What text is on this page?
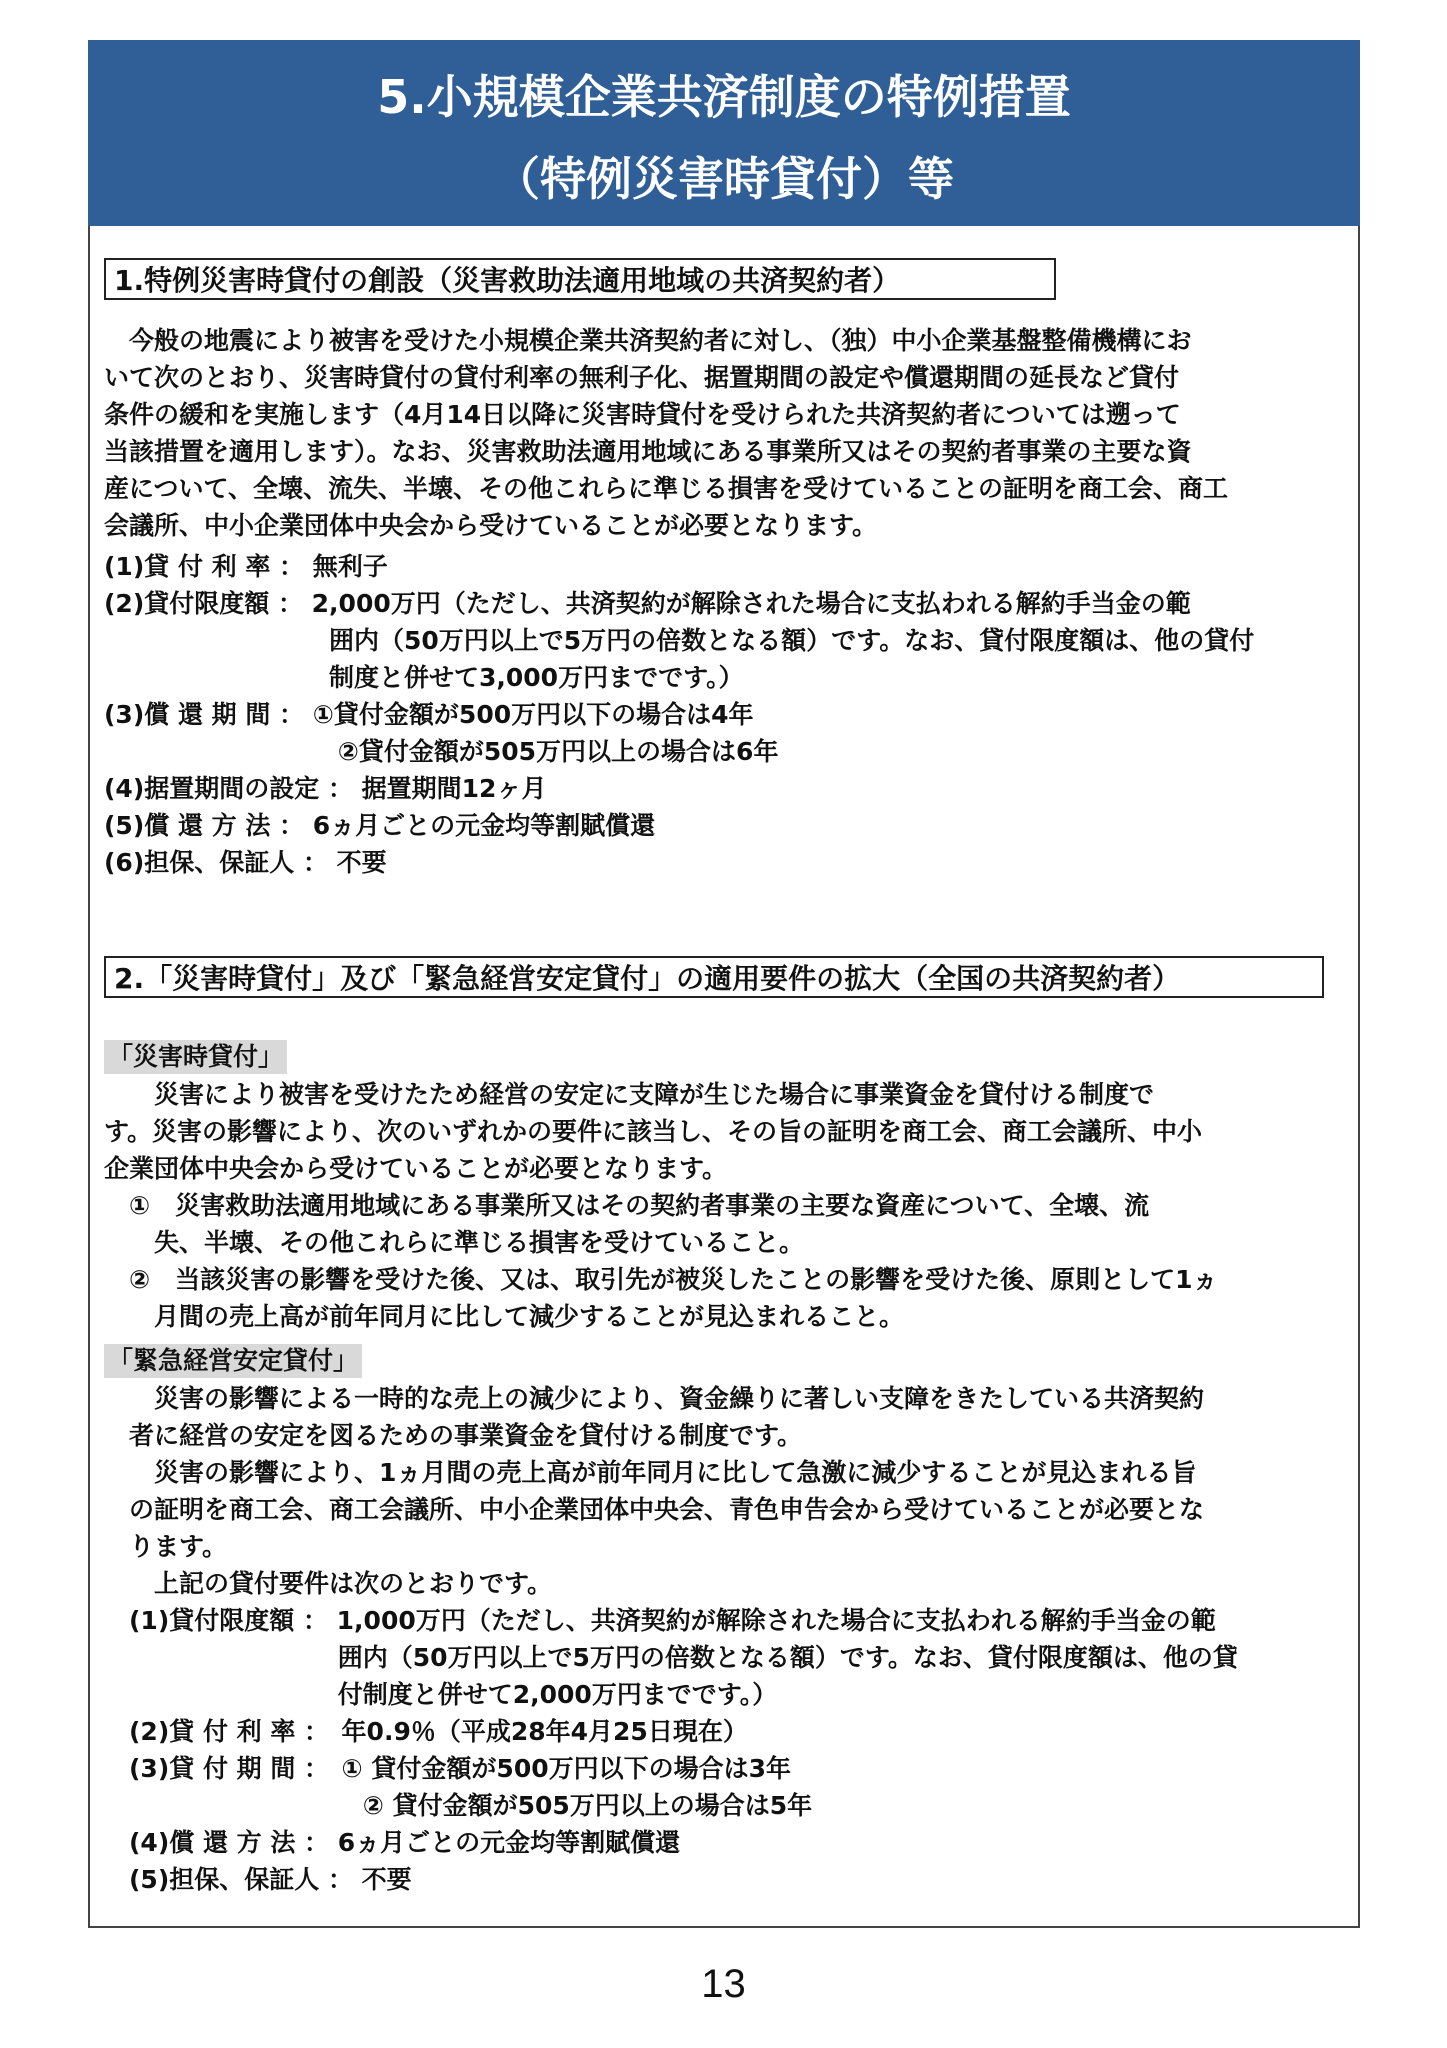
5.小規模企業共済制度の特例措置
（特例災害時貸付）等
1.特例災害時貸付の創設（災害救助法適用地域の共済契約者）
　今般の地震により被害を受けた小規模企業共済契約者に対し、（独）中小企業基盤整備機構にお
いて次のとおり、災害時貸付の貸付利率の無利子化、据置期間の設定や償還期間の延長など貸付
条件の緩和を実施します（4月14日以降に災害時貸付を受けられた共済契約者については遡って
当該措置を適用します）。なお、災害救助法適用地域にある事業所又はその契約者事業の主要な資
産について、全壊、流失、半壊、その他これらに準じる損害を受けていることの証明を商工会、商工
会議所、中小企業団体中央会から受けていることが必要となります。
(1)貸 付 利 率 ： 無利子
(2)貸付限度額 ： 2,000万円（ただし、共済契約が解除された場合に支払われる解約手当金の範
　　　　　　　　　囲内（50万円以上で5万円の倍数となる額）です。なお、貸付限度額は、他の貸付
　　　　　　　　　制度と併せて3,000万円までです。）
(3)償 還 期 間 ： ①貸付金額が500万円以下の場合は4年
　　　　　　　　　 ②貸付金額が505万円以上の場合は6年
(4)据置期間の設定 ： 据置期間12ヶ月
(5)償 還 方 法 ： 6ヵ月ごとの元金均等割賦償還
(6)担保、保証人 ： 不要
2.「災害時貸付」及び「緊急経営安定貸付」の適用要件の拡大（全国の共済契約者）
「災害時貸付」
　　災害により被害を受けたため経営の安定に支障が生じた場合に事業資金を貸付ける制度で
す。災害の影響により、次のいずれかの要件に該当し、その旨の証明を商工会、商工会議所、中小
企業団体中央会から受けていることが必要となります。
　①　災害救助法適用地域にある事業所又はその契約者事業の主要な資産について、全壊、流
　　失、半壊、その他これらに準じる損害を受けていること。
　②　当該災害の影響を受けた後、又は、取引先が被災したことの影響を受けた後、原則として1ヵ
　　月間の売上高が前年同月に比して減少することが見込まれること。
「緊急経営安定貸付」
　　災害の影響による一時的な売上の減少により、資金繰りに著しい支障をきたしている共済契約
　者に経営の安定を図るための事業資金を貸付ける制度です。
　　災害の影響により、1ヵ月間の売上高が前年同月に比して急激に減少することが見込まれる旨
　の証明を商工会、商工会議所、中小企業団体中央会、青色申告会から受けていることが必要とな
　ります。
　　上記の貸付要件は次のとおりです。
　(1)貸付限度額 ： 1,000万円（ただし、共済契約が解除された場合に支払われる解約手当金の範
　　　　　　　　　 囲内（50万円以上で5万円の倍数となる額）です。なお、貸付限度額は、他の貸
　　　　　　　　　 付制度と併せて2,000万円までです。）
　(2)貸 付 利 率 ：　年0.9％（平成28年4月25日現在）
　(3)貸 付 期 間 ：　① 貸付金額が500万円以下の場合は3年
　　　　　　　　　　 ② 貸付金額が505万円以上の場合は5年
　(4)償 還 方 法 ： 6ヵ月ごとの元金均等割賦償還
　(5)担保、保証人 ： 不要
13
